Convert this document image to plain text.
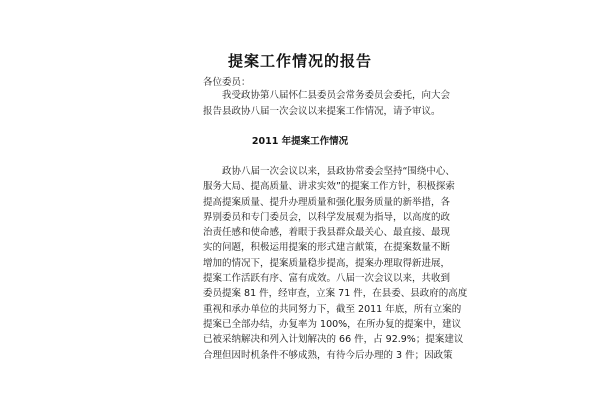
提案工作情况的报告
各位委员：
我受政协第八届怀仁县委员会常务委员会委托，向大会
报告县政协八届一次会议以来提案工作情况，请予审议。
2011 年提案工作情况
政协八届一次会议以来，县政协常委会坚持“围绕中心、
服务大局、提高质量、讲求实效”的提案工作方针，积极探索
提高提案质量、提升办理质量和强化服务质量的新举措，各
界别委员和专门委员会，以科学发展观为指导，以高度的政
治责任感和使命感，着眼于我县群众最关心、最直接、最现
实的问题，积极运用提案的形式建言献策，在提案数量不断
增加的情况下，提案质量稳步提高，提案办理取得新进展，
提案工作活跃有序、富有成效。八届一次会议以来，共收到
委员提案 81 件，经审查，立案 71 件，在县委、县政府的高度
重视和承办单位的共同努力下，截至 2011 年底，所有立案的
提案已全部办结，办复率为 100%，在所办复的提案中，建议
已被采纳解决和列入计划解决的 66 件，占 92.9%；提案建议
合理但因时机条件不够成熟，有待今后办理的 3 件；因政策
